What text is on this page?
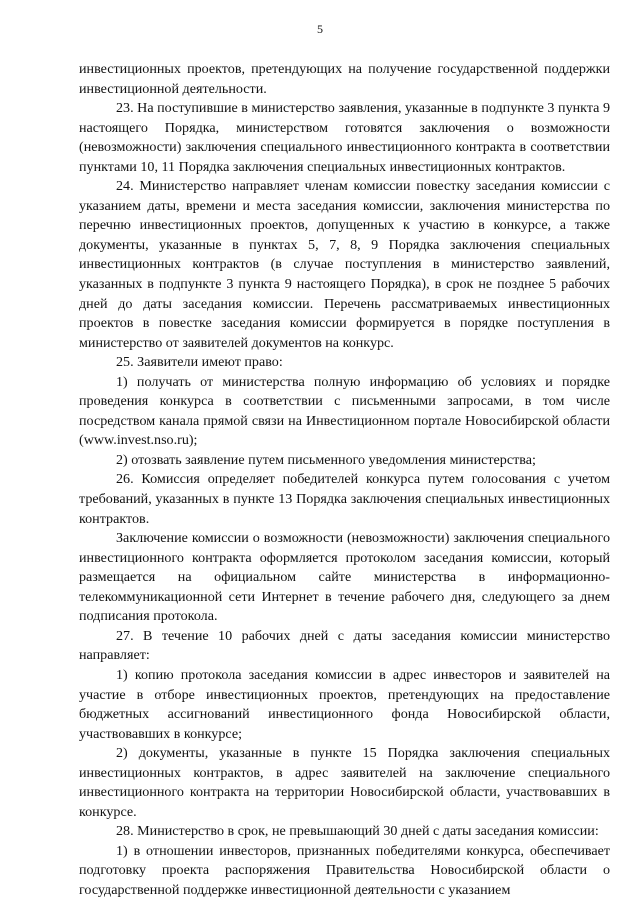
5

инвестиционных проектов, претендующих на получение государственной поддержки инвестиционной деятельности.

23. На поступившие в министерство заявления, указанные в подпункте 3 пункта 9 настоящего Порядка, министерством готовятся заключения о возможности (невозможности) заключения специального инвестиционного контракта в соответствии пунктами 10, 11 Порядка заключения специальных инвестиционных контрактов.

24. Министерство направляет членам комиссии повестку заседания комиссии с указанием даты, времени и места заседания комиссии, заключения министерства по перечню инвестиционных проектов, допущенных к участию в конкурсе, а также документы, указанные в пунктах 5, 7, 8, 9 Порядка заключения специальных инвестиционных контрактов (в случае поступления в министерство заявлений, указанных в подпункте 3 пункта 9 настоящего Порядка), в срок не позднее 5 рабочих дней до даты заседания комиссии. Перечень рассматриваемых инвестиционных проектов в повестке заседания комиссии формируется в порядке поступления в министерство от заявителей документов на конкурс.

25. Заявители имеют право:

1) получать от министерства полную информацию об условиях и порядке проведения конкурса в соответствии с письменными запросами, в том числе посредством канала прямой связи на Инвестиционном портале Новосибирской области (www.invest.nso.ru);

2) отозвать заявление путем письменного уведомления министерства;

26. Комиссия определяет победителей конкурса путем голосования с учетом требований, указанных в пункте 13 Порядка заключения специальных инвестиционных контрактов.

Заключение комиссии о возможности (невозможности) заключения специального инвестиционного контракта оформляется протоколом заседания комиссии, который размещается на официальном сайте министерства в информационно-телекоммуникационной сети Интернет в течение рабочего дня, следующего за днем подписания протокола.

27. В течение 10 рабочих дней с даты заседания комиссии министерство направляет:

1) копию протокола заседания комиссии в адрес инвесторов и заявителей на участие в отборе инвестиционных проектов, претендующих на предоставление бюджетных ассигнований инвестиционного фонда Новосибирской области, участвовавших в конкурсе;

2) документы, указанные в пункте 15 Порядка заключения специальных инвестиционных контрактов, в адрес заявителей на заключение специального инвестиционного контракта на территории Новосибирской области, участвовавших в конкурсе.

28. Министерство в срок, не превышающий 30 дней с даты заседания комиссии:

1) в отношении инвесторов, признанных победителями конкурса, обеспечивает подготовку проекта распоряжения Правительства Новосибирской области о государственной поддержке инвестиционной деятельности с указанием
